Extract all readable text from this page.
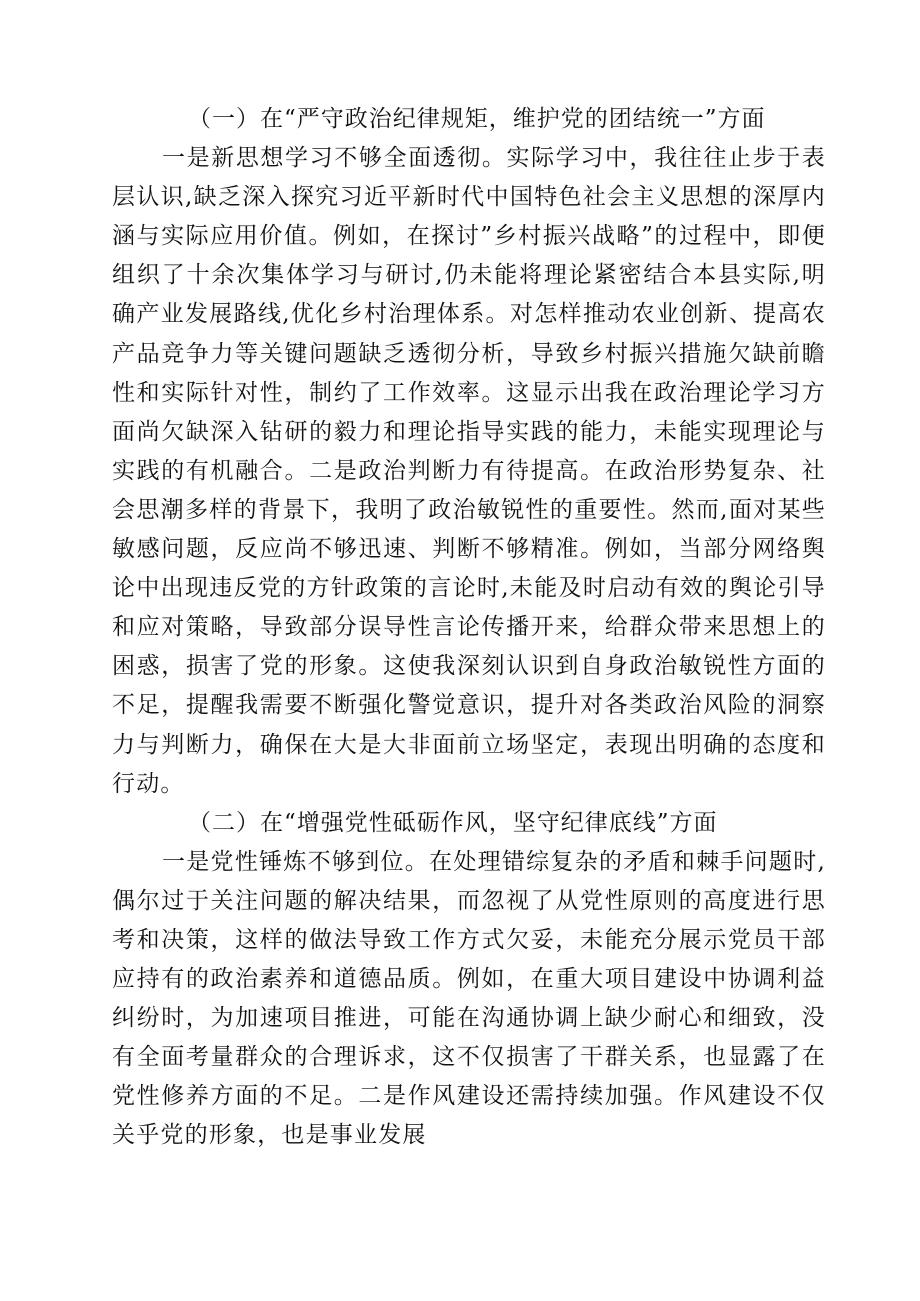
（一）在“严守政治纪律规矩，维护党的团结统一”方面

一是新思想学习不够全面透彻。实际学习中，我往往止步于表层认识,缺乏深入探究习近平新时代中国特色社会主义思想的深厚内涵与实际应用价值。例如，在探讨”乡村振兴战略”的过程中，即便组织了十余次集体学习与研讨,仍未能将理论紧密结合本县实际,明确产业发展路线,优化乡村治理体系。对怎样推动农业创新、提高农产品竞争力等关键问题缺乏透彻分析，导致乡村振兴措施欠缺前瞻性和实际针对性，制约了工作效率。这显示出我在政治理论学习方面尚欠缺深入钻研的毅力和理论指导实践的能力，未能实现理论与实践的有机融合。二是政治判断力有待提高。在政治形势复杂、社会思潮多样的背景下，我明了政治敏锐性的重要性。然而,面对某些敏感问题，反应尚不够迅速、判断不够精准。例如，当部分网络舆论中出现违反党的方针政策的言论时,未能及时启动有效的舆论引导和应对策略，导致部分误导性言论传播开来，给群众带来思想上的困惑，损害了党的形象。这使我深刻认识到自身政治敏锐性方面的不足，提醒我需要不断强化警觉意识，提升对各类政治风险的洞察力与判断力，确保在大是大非面前立场坚定，表现出明确的态度和行动。

（二）在“增强党性砥砺作风，坚守纪律底线”方面

一是党性锤炼不够到位。在处理错综复杂的矛盾和棘手问题时,偶尔过于关注问题的解决结果，而忽视了从党性原则的高度进行思考和决策，这样的做法导致工作方式欠妥，未能充分展示党员干部应持有的政治素养和道德品质。例如，在重大项目建设中协调利益纠纷时，为加速项目推进，可能在沟通协调上缺少耐心和细致，没有全面考量群众的合理诉求，这不仅损害了干群关系，也显露了在党性修养方面的不足。二是作风建设还需持续加强。作风建设不仅关乎党的形象，也是事业发展
